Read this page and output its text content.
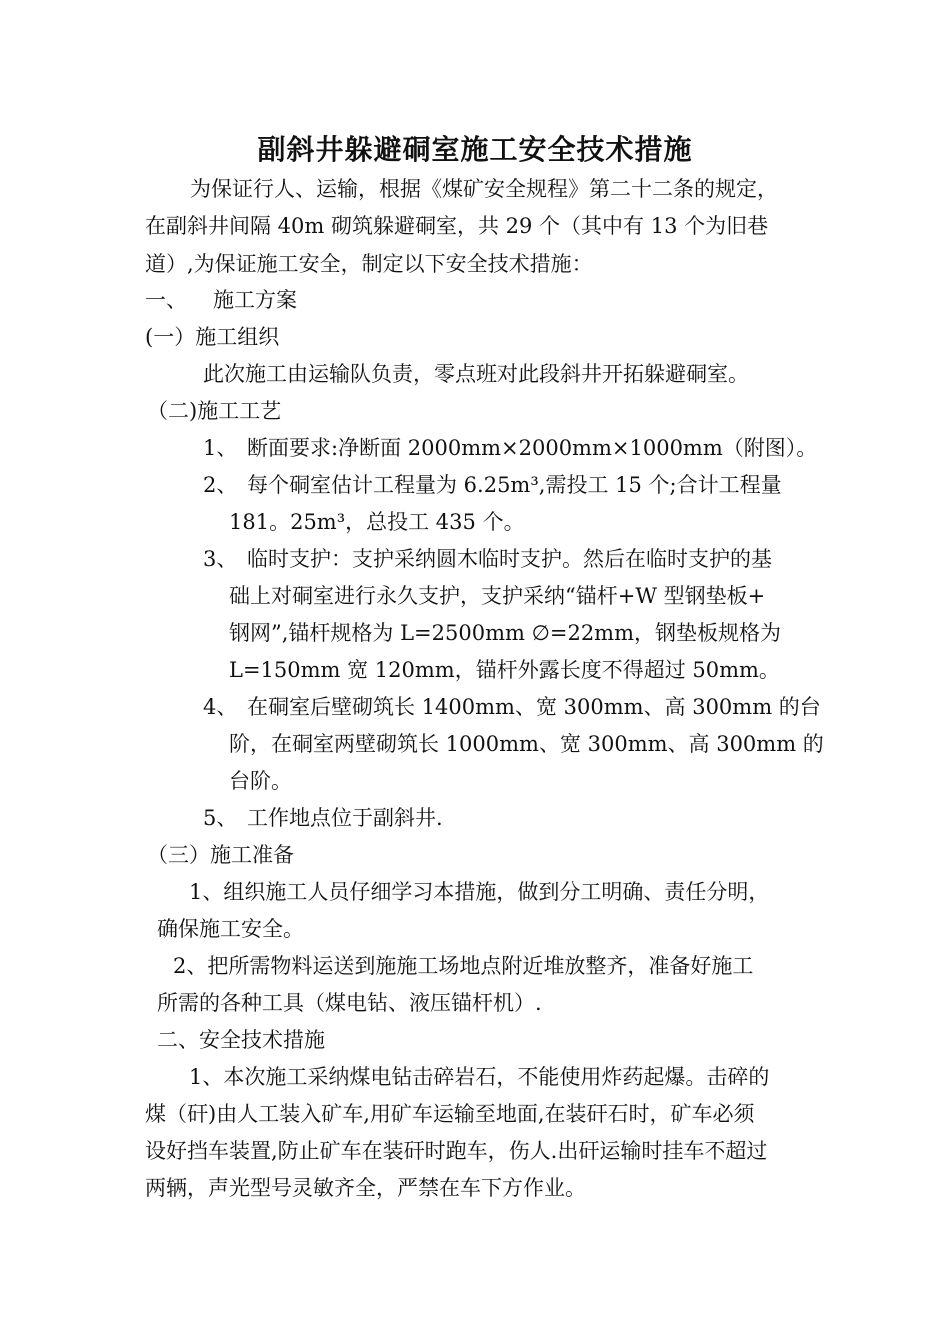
副斜井躲避硐室施工安全技术措施
为保证行人、运输，根据《煤矿安全规程》第二十二条的规定，
在副斜井间隔 40m 砌筑躲避硐室，共 29 个（其中有 13 个为旧巷
道）,为保证施工安全，制定以下安全技术措施：
一、 施工方案
(一）施工组织
此次施工由运输队负责，零点班对此段斜井开拓躲避硐室。
（二)施工工艺
1、 断面要求:净断面 2000mm×2000mm×1000mm（附图）。
2、 每个硐室估计工程量为 6.25m³,需投工 15 个;合计工程量
181。25m³，总投工 435 个。
3、 临时支护：支护采纳圆木临时支护。然后在临时支护的基
础上对硐室进行永久支护，支护采纳“锚杆+W 型钢垫板+
钢网”,锚杆规格为 L=2500mm ∅=22mm，钢垫板规格为
L=150mm 宽 120mm，锚杆外露长度不得超过 50mm。
4、 在硐室后壁砌筑长 1400mm、宽 300mm、高 300mm 的台
阶，在硐室两壁砌筑长 1000mm、宽 300mm、高 300mm 的
台阶。
5、 工作地点位于副斜井.
（三）施工准备
1、组织施工人员仔细学习本措施，做到分工明确、责任分明，
确保施工安全。
2、把所需物料运送到施施工场地点附近堆放整齐，准备好施工
所需的各种工具（煤电钻、液压锚杆机）.
二、安全技术措施
1、本次施工采纳煤电钻击碎岩石，不能使用炸药起爆。击碎的
煤（矸)由人工装入矿车,用矿车运输至地面,在装矸石时，矿车必须
设好挡车装置,防止矿车在装矸时跑车，伤人.出矸运输时挂车不超过
两辆，声光型号灵敏齐全，严禁在车下方作业。
